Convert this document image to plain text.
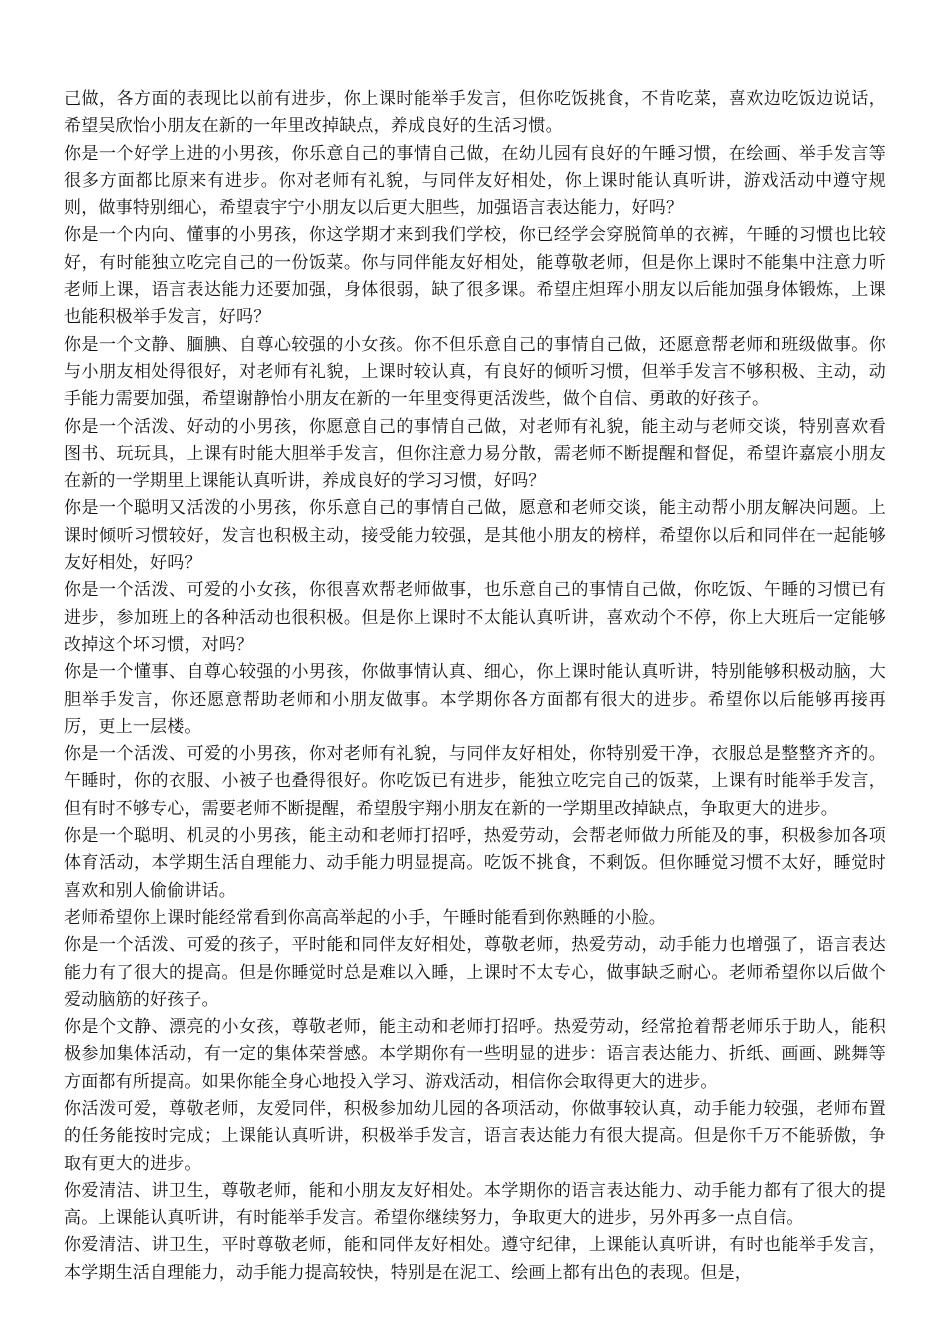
己做，各方面的表现比以前有进步，你上课时能举手发言，但你吃饭挑食，不肯吃菜，喜欢边吃饭边说话，希望吴欣怡小朋友在新的一年里改掉缺点，养成良好的生活习惯。

你是一个好学上进的小男孩，你乐意自己的事情自己做，在幼儿园有良好的午睡习惯，在绘画、举手发言等很多方面都比原来有进步。你对老师有礼貌，与同伴友好相处，你上课时能认真听讲，游戏活动中遵守规则，做事特别细心，希望袁宇宁小朋友以后更大胆些，加强语言表达能力，好吗？

你是一个内向、懂事的小男孩，你这学期才来到我们学校，你已经学会穿脱简单的衣裤，午睡的习惯也比较好，有时能独立吃完自己的一份饭菜。你与同伴能友好相处，能尊敬老师，但是你上课时不能集中注意力听老师上课，语言表达能力还要加强，身体很弱，缺了很多课。希望庄炟珲小朋友以后能加强身体锻炼，上课也能积极举手发言，好吗？

你是一个文静、腼腆、自尊心较强的小女孩。你不但乐意自己的事情自己做，还愿意帮老师和班级做事。你与小朋友相处得很好，对老师有礼貌，上课时较认真，有良好的倾听习惯，但举手发言不够积极、主动，动手能力需要加强，希望谢静怡小朋友在新的一年里变得更活泼些，做个自信、勇敢的好孩子。

你是一个活泼、好动的小男孩，你愿意自己的事情自己做，对老师有礼貌，能主动与老师交谈，特别喜欢看图书、玩玩具，上课有时能大胆举手发言，但你注意力易分散，需老师不断提醒和督促，希望许嘉宸小朋友在新的一学期里上课能认真听讲，养成良好的学习习惯，好吗？

你是一个聪明又活泼的小男孩，你乐意自己的事情自己做，愿意和老师交谈，能主动帮小朋友解决问题。上课时倾听习惯较好，发言也积极主动，接受能力较强，是其他小朋友的榜样，希望你以后和同伴在一起能够友好相处，好吗？

你是一个活泼、可爱的小女孩，你很喜欢帮老师做事，也乐意自己的事情自己做，你吃饭、午睡的习惯已有进步，参加班上的各种活动也很积极。但是你上课时不太能认真听讲，喜欢动个不停，你上大班后一定能够改掉这个坏习惯，对吗？

你是一个懂事、自尊心较强的小男孩，你做事情认真、细心，你上课时能认真听讲，特别能够积极动脑，大胆举手发言，你还愿意帮助老师和小朋友做事。本学期你各方面都有很大的进步。希望你以后能够再接再厉，更上一层楼。

你是一个活泼、可爱的小男孩，你对老师有礼貌，与同伴友好相处，你特别爱干净，衣服总是整整齐齐的。午睡时，你的衣服、小被子也叠得很好。你吃饭已有进步，能独立吃完自己的饭菜，上课有时能举手发言，但有时不够专心，需要老师不断提醒，希望殷宇翔小朋友在新的一学期里改掉缺点，争取更大的进步。

你是一个聪明、机灵的小男孩，能主动和老师打招呼，热爱劳动，会帮老师做力所能及的事，积极参加各项体育活动，本学期生活自理能力、动手能力明显提高。吃饭不挑食，不剩饭。但你睡觉习惯不太好，睡觉时喜欢和别人偷偷讲话。

老师希望你上课时能经常看到你高高举起的小手，午睡时能看到你熟睡的小脸。

你是一个活泼、可爱的孩子，平时能和同伴友好相处，尊敬老师，热爱劳动，动手能力也增强了，语言表达能力有了很大的提高。但是你睡觉时总是难以入睡，上课时不太专心，做事缺乏耐心。老师希望你以后做个爱动脑筋的好孩子。

你是个文静、漂亮的小女孩，尊敬老师，能主动和老师打招呼。热爱劳动，经常抢着帮老师乐于助人，能积极参加集体活动，有一定的集体荣誉感。本学期你有一些明显的进步：语言表达能力、折纸、画画、跳舞等方面都有所提高。如果你能全身心地投入学习、游戏活动，相信你会取得更大的进步。

你活泼可爱，尊敬老师，友爱同伴，积极参加幼儿园的各项活动，你做事较认真，动手能力较强，老师布置的任务能按时完成；上课能认真听讲，积极举手发言，语言表达能力有很大提高。但是你千万不能骄傲，争取有更大的进步。

你爱清洁、讲卫生，尊敬老师，能和小朋友友好相处。本学期你的语言表达能力、动手能力都有了很大的提高。上课能认真听讲，有时能举手发言。希望你继续努力，争取更大的进步，另外再多一点自信。

你爱清洁、讲卫生，平时尊敬老师，能和同伴友好相处。遵守纪律，上课能认真听讲，有时也能举手发言，本学期生活自理能力，动手能力提高较快，特别是在泥工、绘画上都有出色的表现。但是，
